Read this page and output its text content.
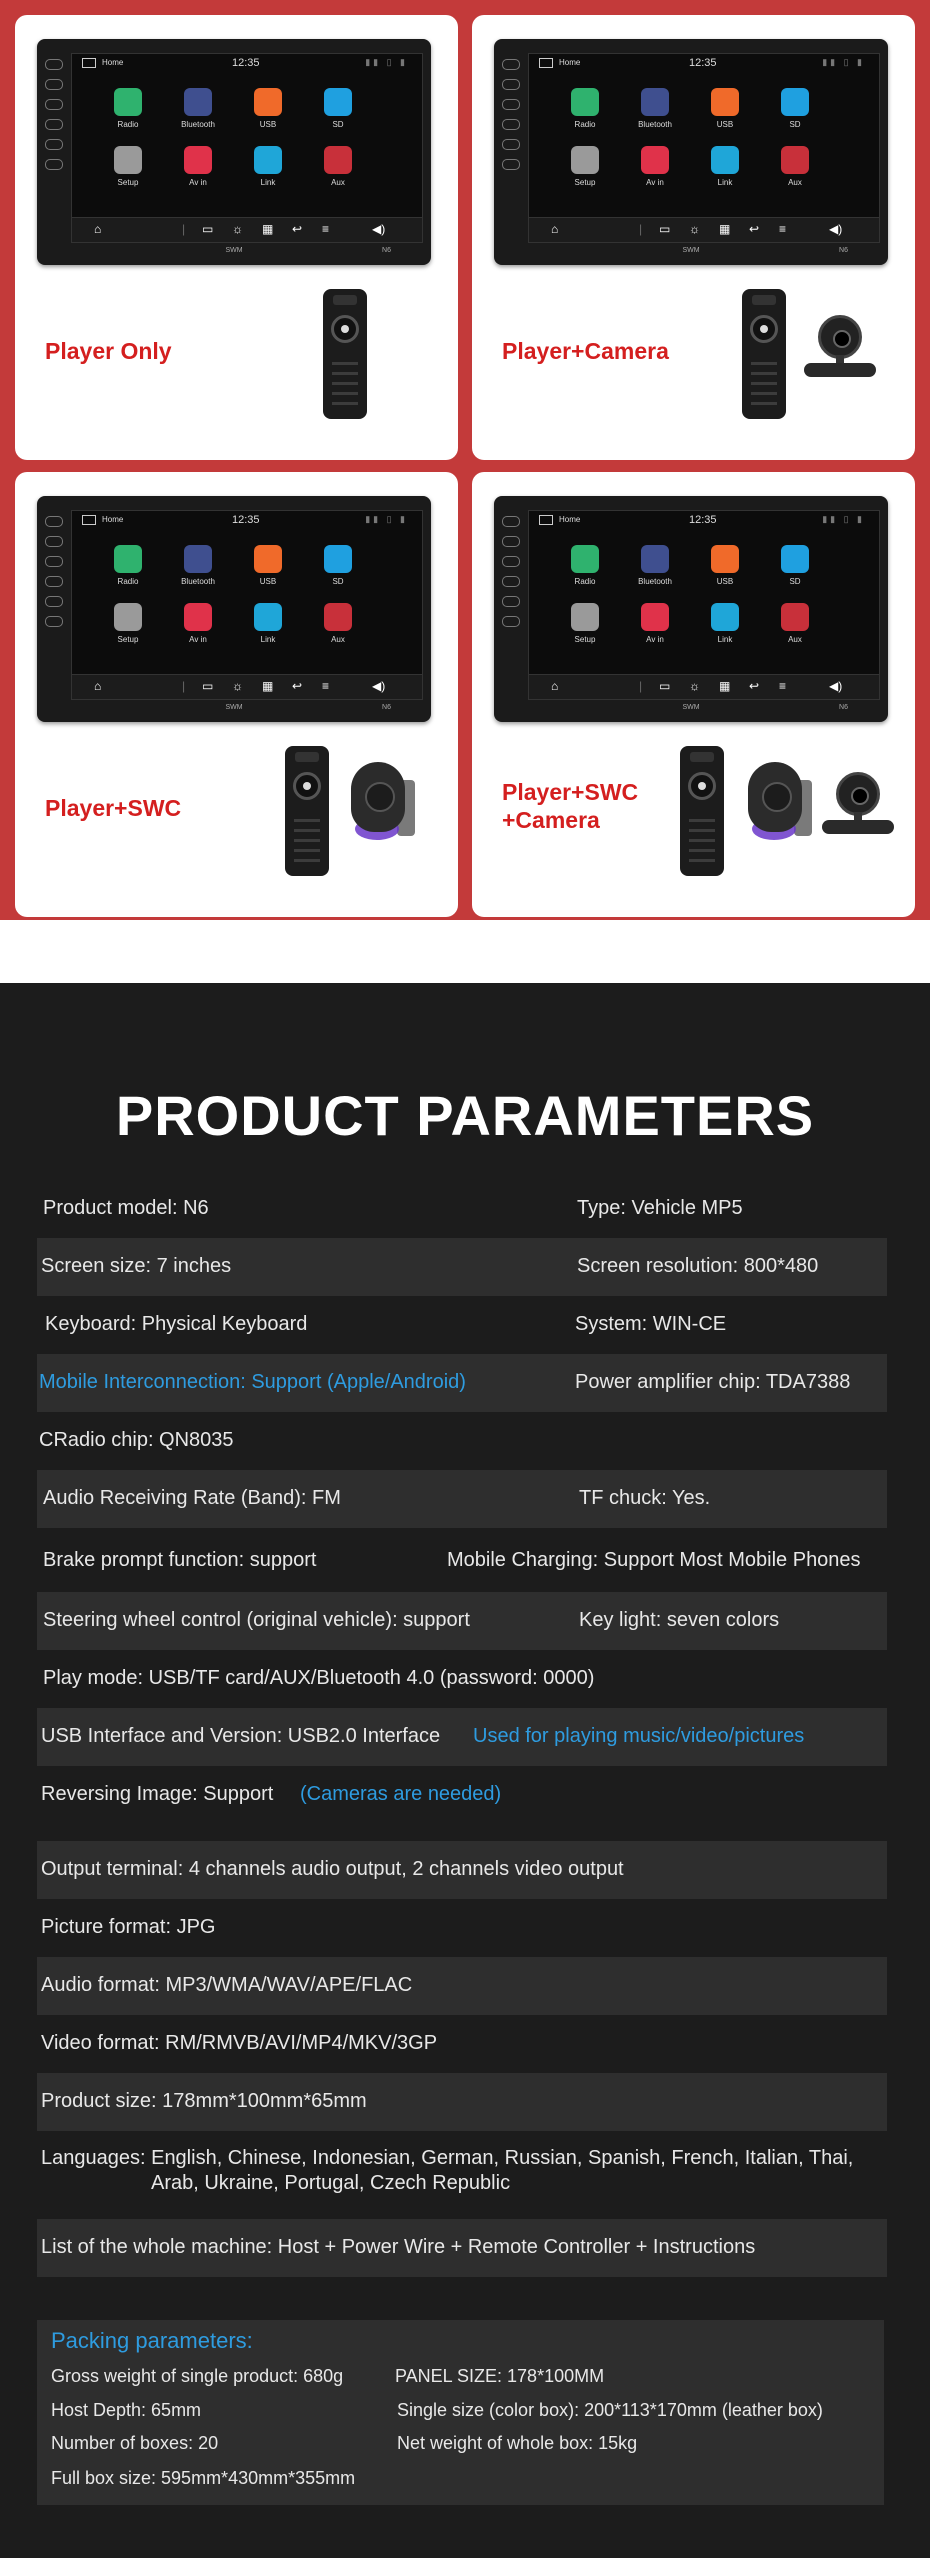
Home	12:35	▮▮ ▯ ▮
Radio	Bluetooth	USB	SD
Setup	Av in	Link	Aux
⌂	| ▭ ☼ ▦ ↩ ≡	◀)
SWM	N6
Player Only
Home	12:35	▮▮ ▯ ▮
Radio	Bluetooth	USB	SD
Setup	Av in	Link	Aux
⌂	| ▭ ☼ ▦ ↩ ≡	◀)
SWM	N6
Player+Camera
Home	12:35	▮▮ ▯ ▮
Radio	Bluetooth	USB	SD
Setup	Av in	Link	Aux
⌂	| ▭ ☼ ▦ ↩ ≡	◀)
SWM	N6
Player+SWC
Home	12:35	▮▮ ▯ ▮
Radio	Bluetooth	USB	SD
Setup	Av in	Link	Aux
⌂	| ▭ ☼ ▦ ↩ ≡	◀)
SWM	N6
Player+SWC
+Camera
PRODUCT PARAMETERS
Product model: N6	Type: Vehicle MP5
Screen size: 7 inches	Screen resolution: 800*480
Keyboard: Physical Keyboard	System: WIN-CE
Mobile Interconnection: Support (Apple/Android)	Power amplifier chip: TDA7388
CRadio chip: QN8035
Audio Receiving Rate (Band): FM	TF chuck: Yes.
Brake prompt function: support	Mobile Charging: Support Most Mobile Phones
Steering wheel control (original vehicle): support	Key light: seven colors
Play mode: USB/TF card/AUX/Bluetooth 4.0 (password: 0000)
USB Interface and Version: USB2.0 Interface Used for playing music/video/pictures
Reversing Image: Support (Cameras are needed)
Output terminal: 4 channels audio output, 2 channels video output
Picture format: JPG
Audio format: MP3/WMA/WAV/APE/FLAC
Video format: RM/RMVB/AVI/MP4/MKV/3GP
Product size: 178mm*100mm*65mm
Languages: English, Chinese, Indonesian, German, Russian, Spanish, French, Italian, Thai,
Arab, Ukraine, Portugal, Czech Republic
List of the whole machine: Host + Power Wire + Remote Controller + Instructions
Packing parameters:
Gross weight of single product: 680g	PANEL SIZE: 178*100MM
Host Depth: 65mm	Single size (color box): 200*113*170mm (leather box)
Number of boxes: 20	Net weight of whole box: 15kg
Full box size: 595mm*430mm*355mm
